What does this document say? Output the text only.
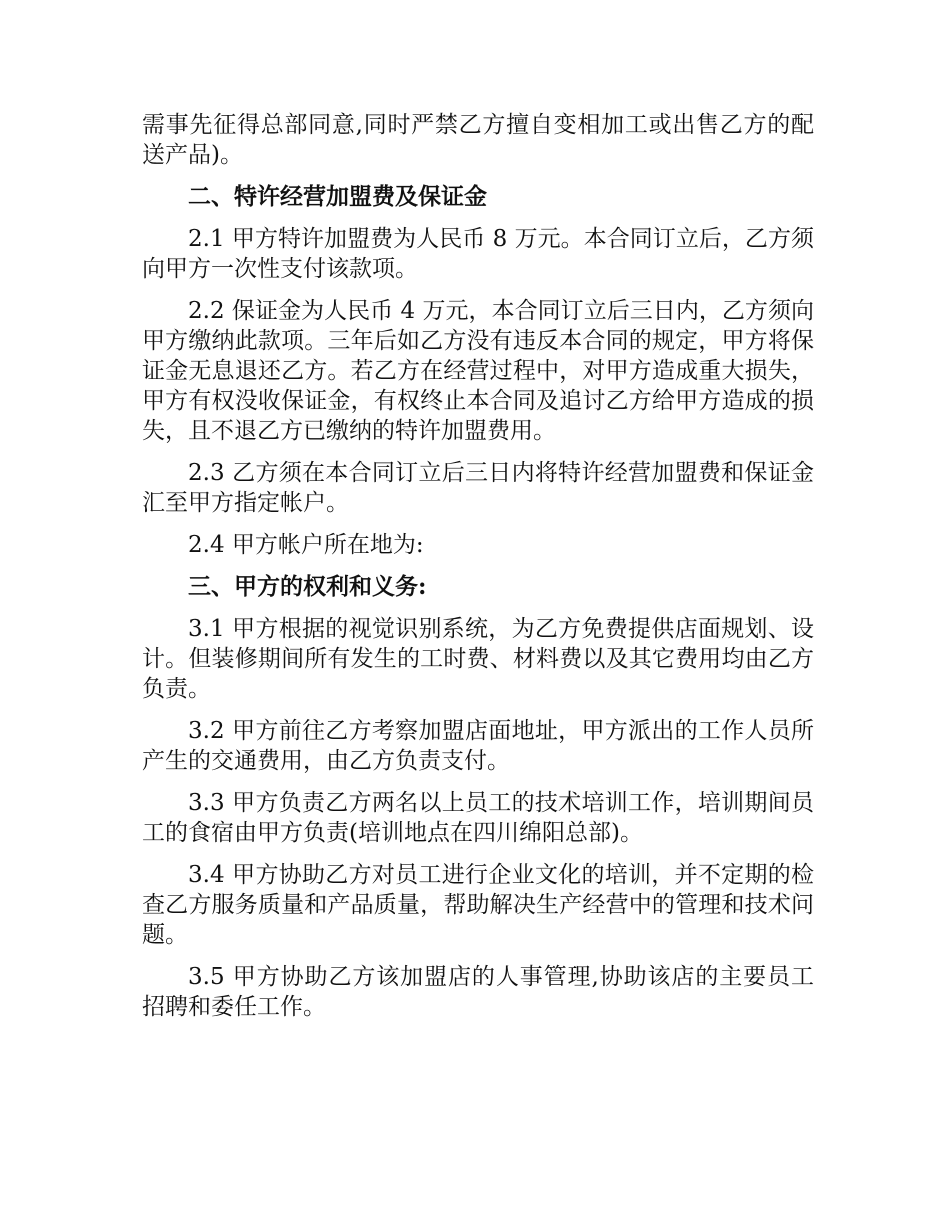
需事先征得总部同意,同时严禁乙方擅自变相加工或出售乙方的配送产品)。

二、特许经营加盟费及保证金

2.1 甲方特许加盟费为人民币 8 万元。本合同订立后，乙方须向甲方一次性支付该款项。

2.2 保证金为人民币 4 万元，本合同订立后三日内，乙方须向甲方缴纳此款项。三年后如乙方没有违反本合同的规定，甲方将保证金无息退还乙方。若乙方在经营过程中，对甲方造成重大损失，甲方有权没收保证金，有权终止本合同及追讨乙方给甲方造成的损失，且不退乙方已缴纳的特许加盟费用。

2.3 乙方须在本合同订立后三日内将特许经营加盟费和保证金汇至甲方指定帐户。

2.4 甲方帐户所在地为:

三、甲方的权利和义务:

3.1 甲方根据的视觉识别系统，为乙方免费提供店面规划、设计。但装修期间所有发生的工时费、材料费以及其它费用均由乙方负责。

3.2 甲方前往乙方考察加盟店面地址，甲方派出的工作人员所产生的交通费用，由乙方负责支付。

3.3 甲方负责乙方两名以上员工的技术培训工作，培训期间员工的食宿由甲方负责(培训地点在四川绵阳总部)。

3.4 甲方协助乙方对员工进行企业文化的培训，并不定期的检查乙方服务质量和产品质量，帮助解决生产经营中的管理和技术问题。

3.5 甲方协助乙方该加盟店的人事管理,协助该店的主要员工招聘和委任工作。
